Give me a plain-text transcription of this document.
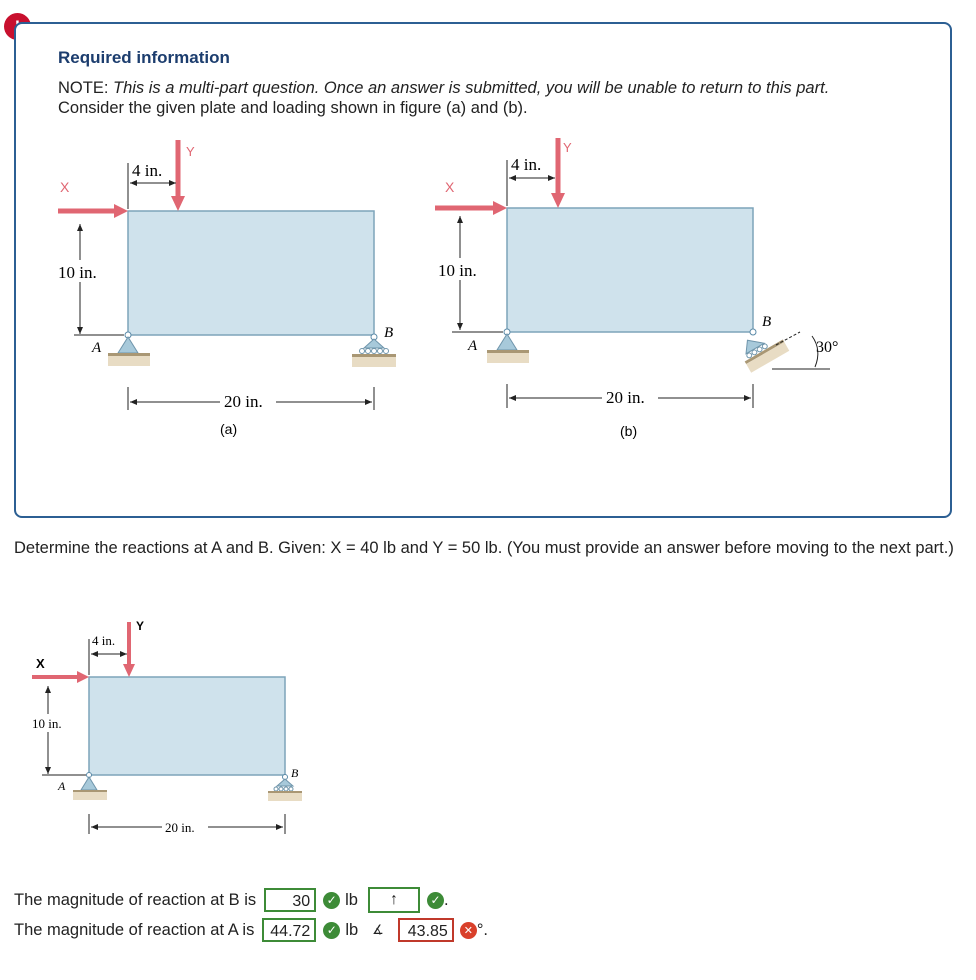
Required information
NOTE: This is a multi-part question. Once an answer is submitted, you will be unable to return to this part.
Consider the given plate and loading shown in figure (a) and (b).
X
Y
4 in.
10 in.
A
B
20 in.
(a)
X
Y
4 in.
10 in.
A
B
30°
20 in.
(b)
Determine the reactions at A and B. Given: X = 40 lb and Y = 50 lb. (You must provide an answer before moving to the next part.)
X
Y
4 in.
10 in.
A
B
20 in.
The magnitude of reaction at B is	30	✓ lb	↑	✓ .
The magnitude of reaction at A is 44.72	✓ lb ∡	43.85	✕ °.
